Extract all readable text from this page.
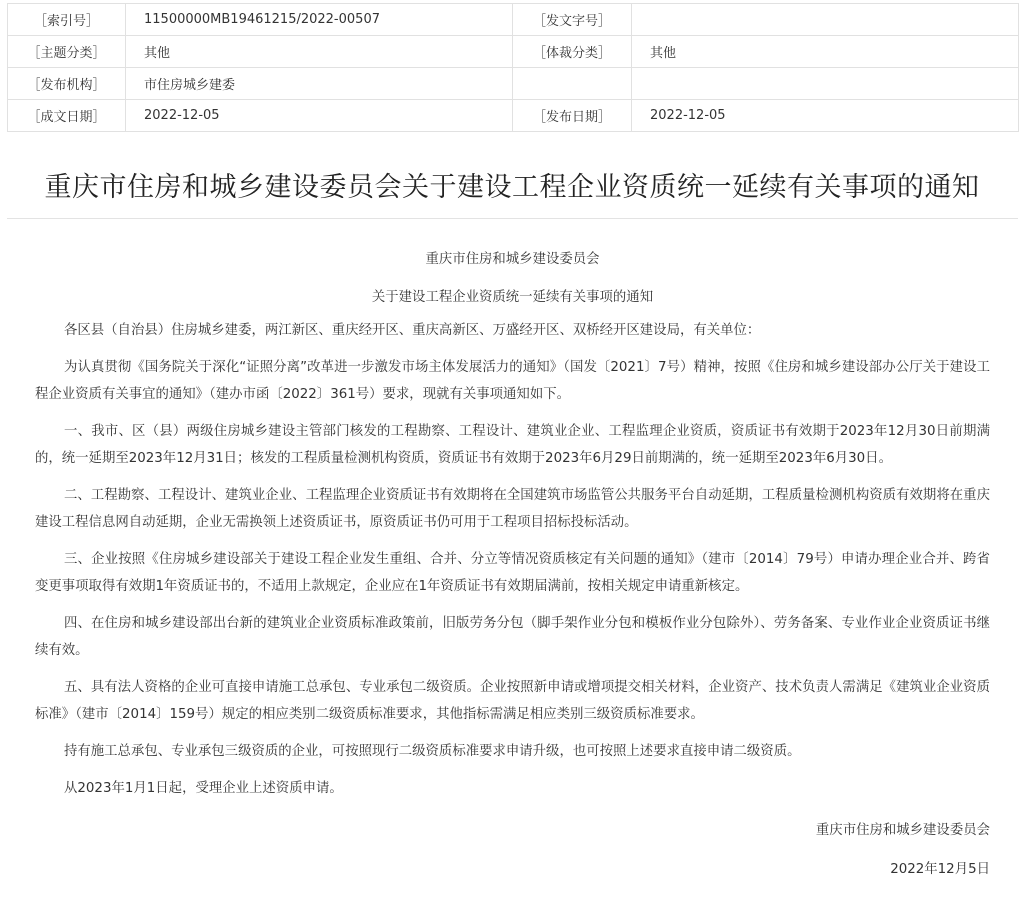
［索引号］	11500000MB19461215/2022-00507	［发文字号］	
［主题分类］	其他	［体裁分类］	其他
［发布机构］	市住房城乡建委		
［成文日期］	2022-12-05	［发布日期］	2022-12-05
重庆市住房和城乡建设委员会关于建设工程企业资质统一延续有关事项的通知

重庆市住房和城乡建设委员会

关于建设工程企业资质统一延续有关事项的通知

各区县（自治县）住房城乡建委，两江新区、重庆经开区、重庆高新区、万盛经开区、双桥经开区建设局，有关单位：

为认真贯彻《国务院关于深化“证照分离”改革进一步激发市场主体发展活力的通知》（国发〔2021〕7号）精神，按照《住房和城乡建设部办公厅关于建设工程企业资质有关事宜的通知》（建办市函〔2022〕361号）要求，现就有关事项通知如下。

一、我市、区（县）两级住房城乡建设主管部门核发的工程勘察、工程设计、建筑业企业、工程监理企业资质，资质证书有效期于2023年12月30日前期满的，统一延期至2023年12月31日；核发的工程质量检测机构资质，资质证书有效期于2023年6月29日前期满的，统一延期至2023年6月30日。

二、工程勘察、工程设计、建筑业企业、工程监理企业资质证书有效期将在全国建筑市场监管公共服务平台自动延期，工程质量检测机构资质有效期将在重庆建设工程信息网自动延期，企业无需换领上述资质证书，原资质证书仍可用于工程项目招标投标活动。

三、企业按照《住房城乡建设部关于建设工程企业发生重组、合并、分立等情况资质核定有关问题的通知》（建市〔2014〕79号）申请办理企业合并、跨省变更事项取得有效期1年资质证书的，不适用上款规定，企业应在1年资质证书有效期届满前，按相关规定申请重新核定。

四、在住房和城乡建设部出台新的建筑业企业资质标准政策前，旧版劳务分包（脚手架作业分包和模板作业分包除外）、劳务备案、专业作业企业资质证书继续有效。

五、具有法人资格的企业可直接申请施工总承包、专业承包二级资质。企业按照新申请或增项提交相关材料，企业资产、技术负责人需满足《建筑业企业资质标准》（建市〔2014〕159号）规定的相应类别二级资质标准要求，其他指标需满足相应类别三级资质标准要求。

持有施工总承包、专业承包三级资质的企业，可按照现行二级资质标准要求申请升级，也可按照上述要求直接申请二级资质。

从2023年1月1日起，受理企业上述资质申请。

重庆市住房和城乡建设委员会

2022年12月5日
